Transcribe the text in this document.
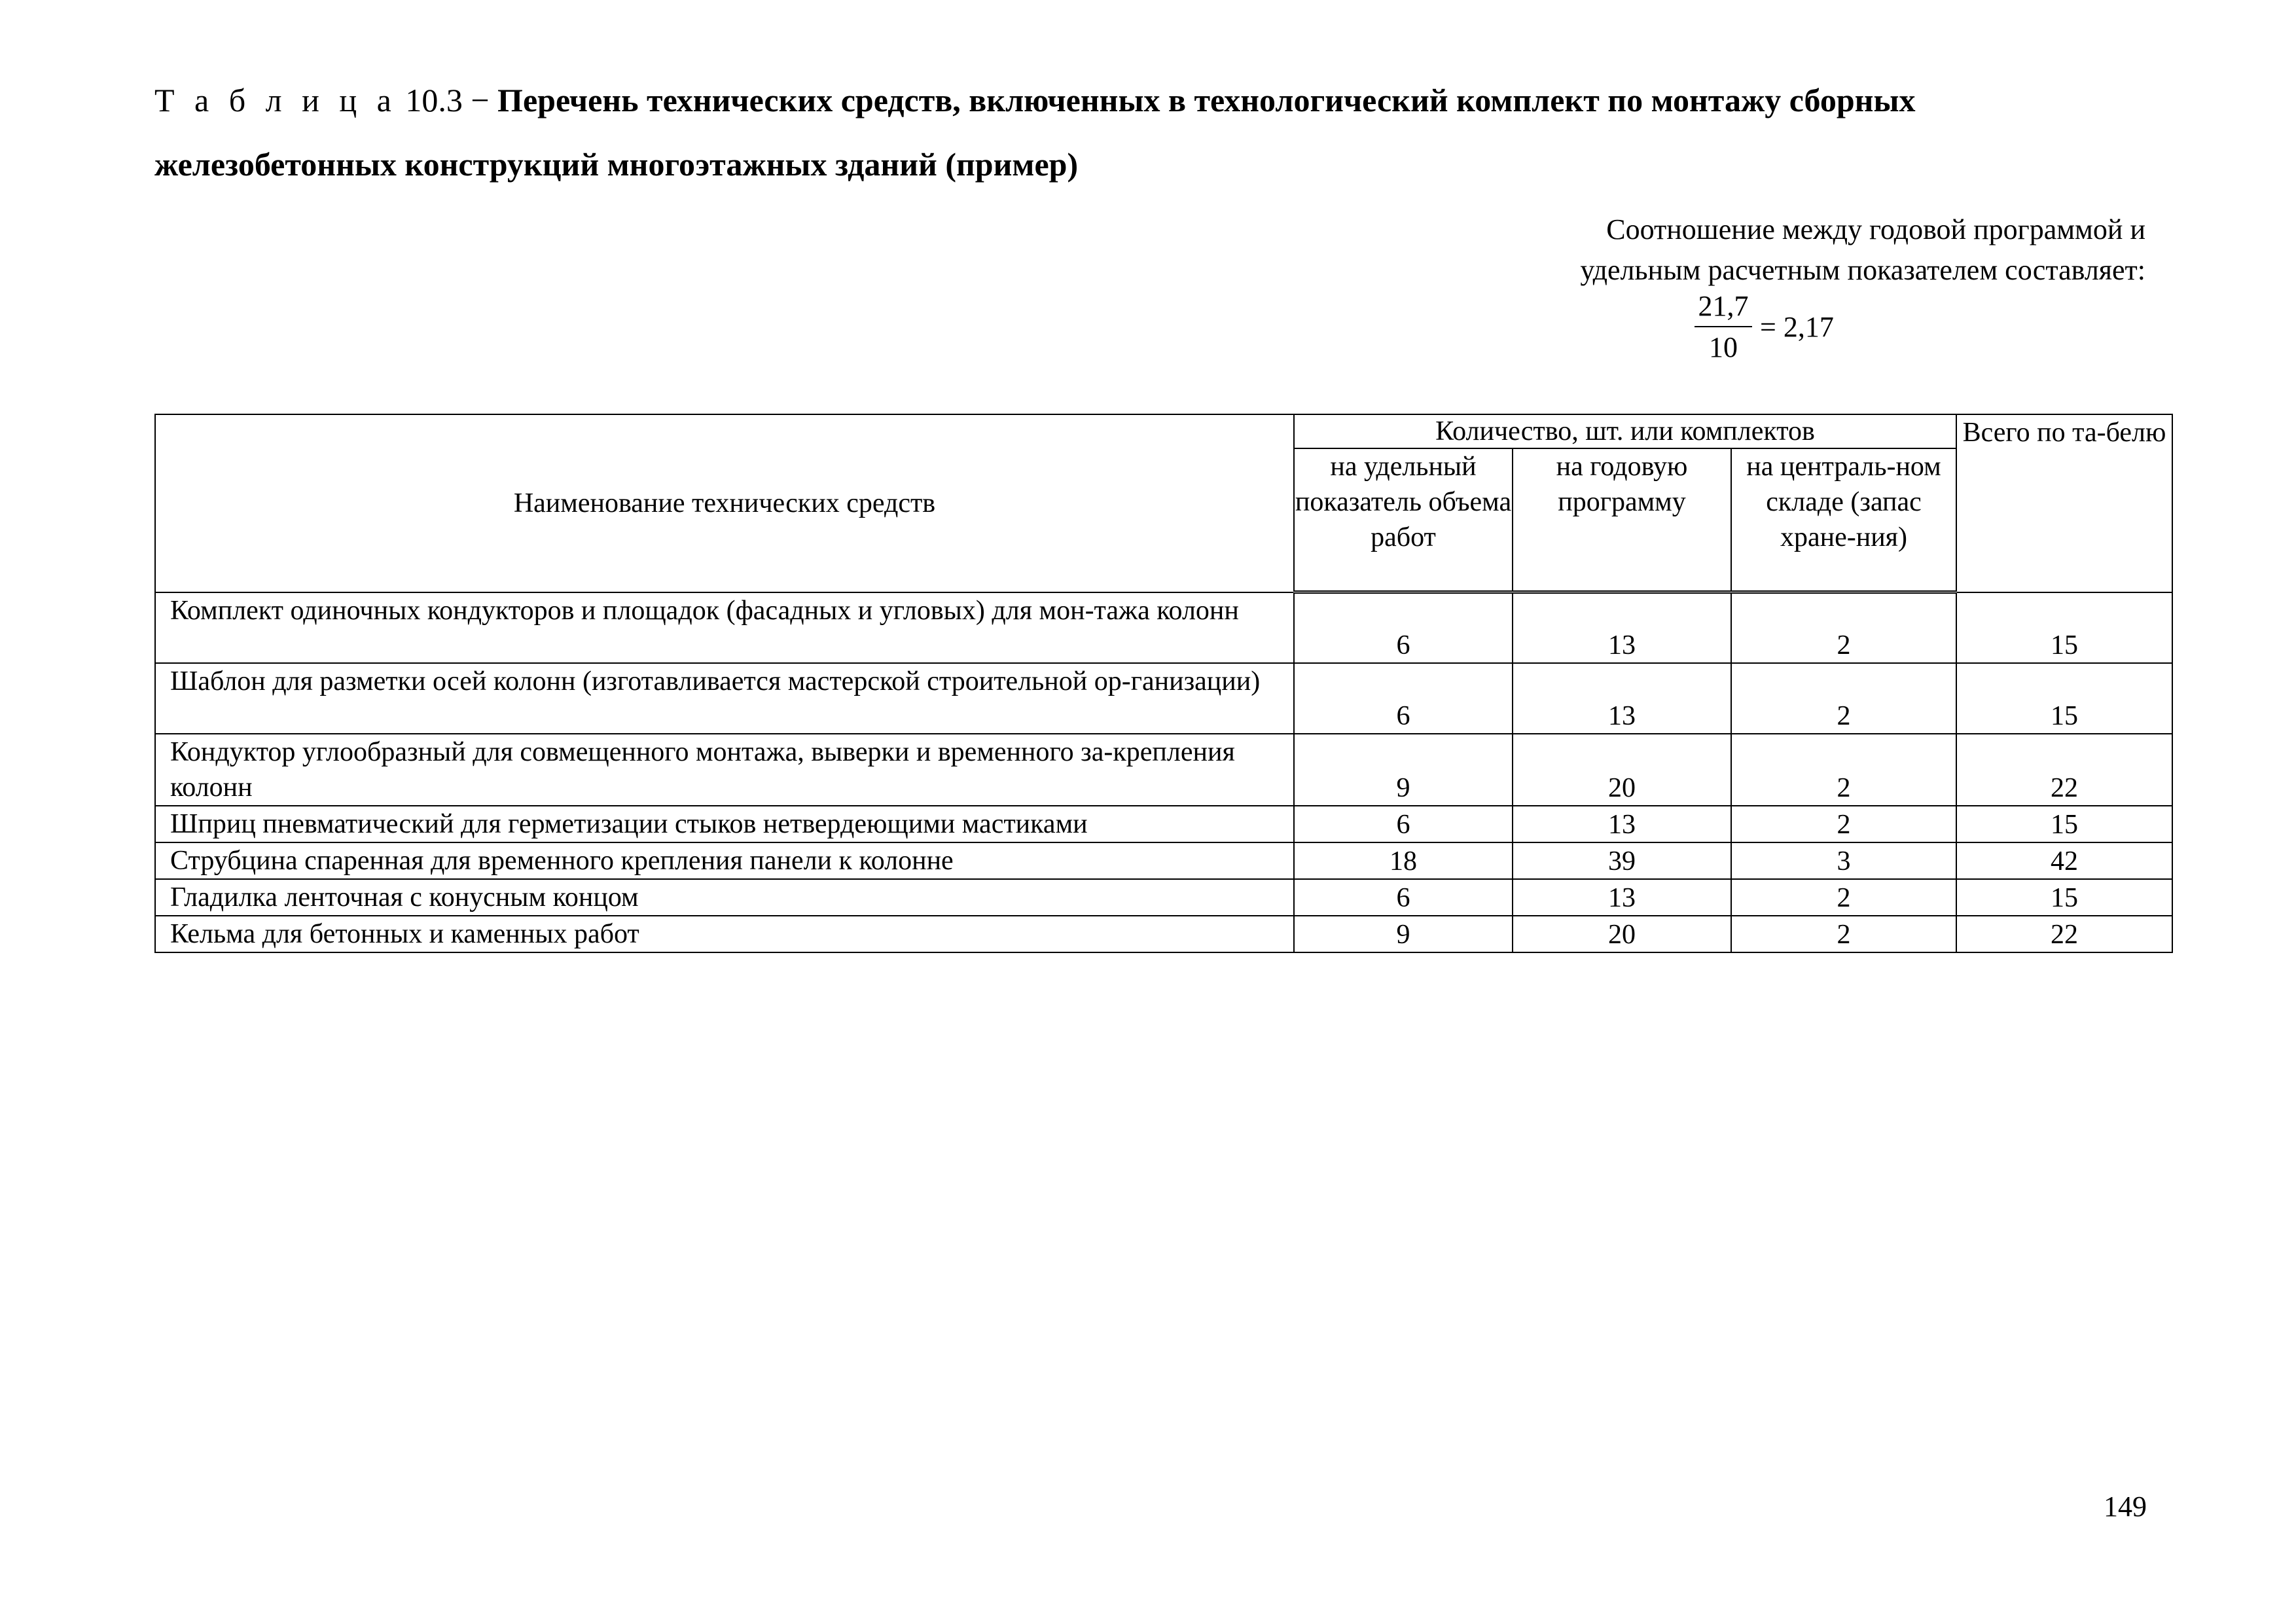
Т а б л и ц а 10.3 − Перечень технических средств, включенных в технологический комплект по монтажу сборных железобетонных конструкций многоэтажных зданий (пример)

Соотношение между годовой программой и
удельным расчетным показателем составляет:
21,7
10
= 2,17
Наименование технических средств	Количество, шт. или комплектов			Всего по та-белю
	на удельный показатель объема работ	на годовую программу	на централь-ном складе (запас хране-ния)	
Комплект одиночных кондукторов и площадок (фасадных и угловых) для мон-тажа колонн	6	13	2	15
Шаблон для разметки осей колонн (изготавливается мастерской строительной ор-ганизации)	6	13	2	15
Кондуктор углообразный для совмещенного монтажа, выверки и временного за-крепления колонн	9	20	2	22
Шприц пневматический для герметизации стыков нетвердеющими мастиками	6	13	2	15
Струбцина спаренная для временного крепления панели к колонне	18	39	3	42
Гладилка ленточная с конусным концом	6	13	2	15
Кельма для бетонных и каменных работ	9	20	2	22
149
